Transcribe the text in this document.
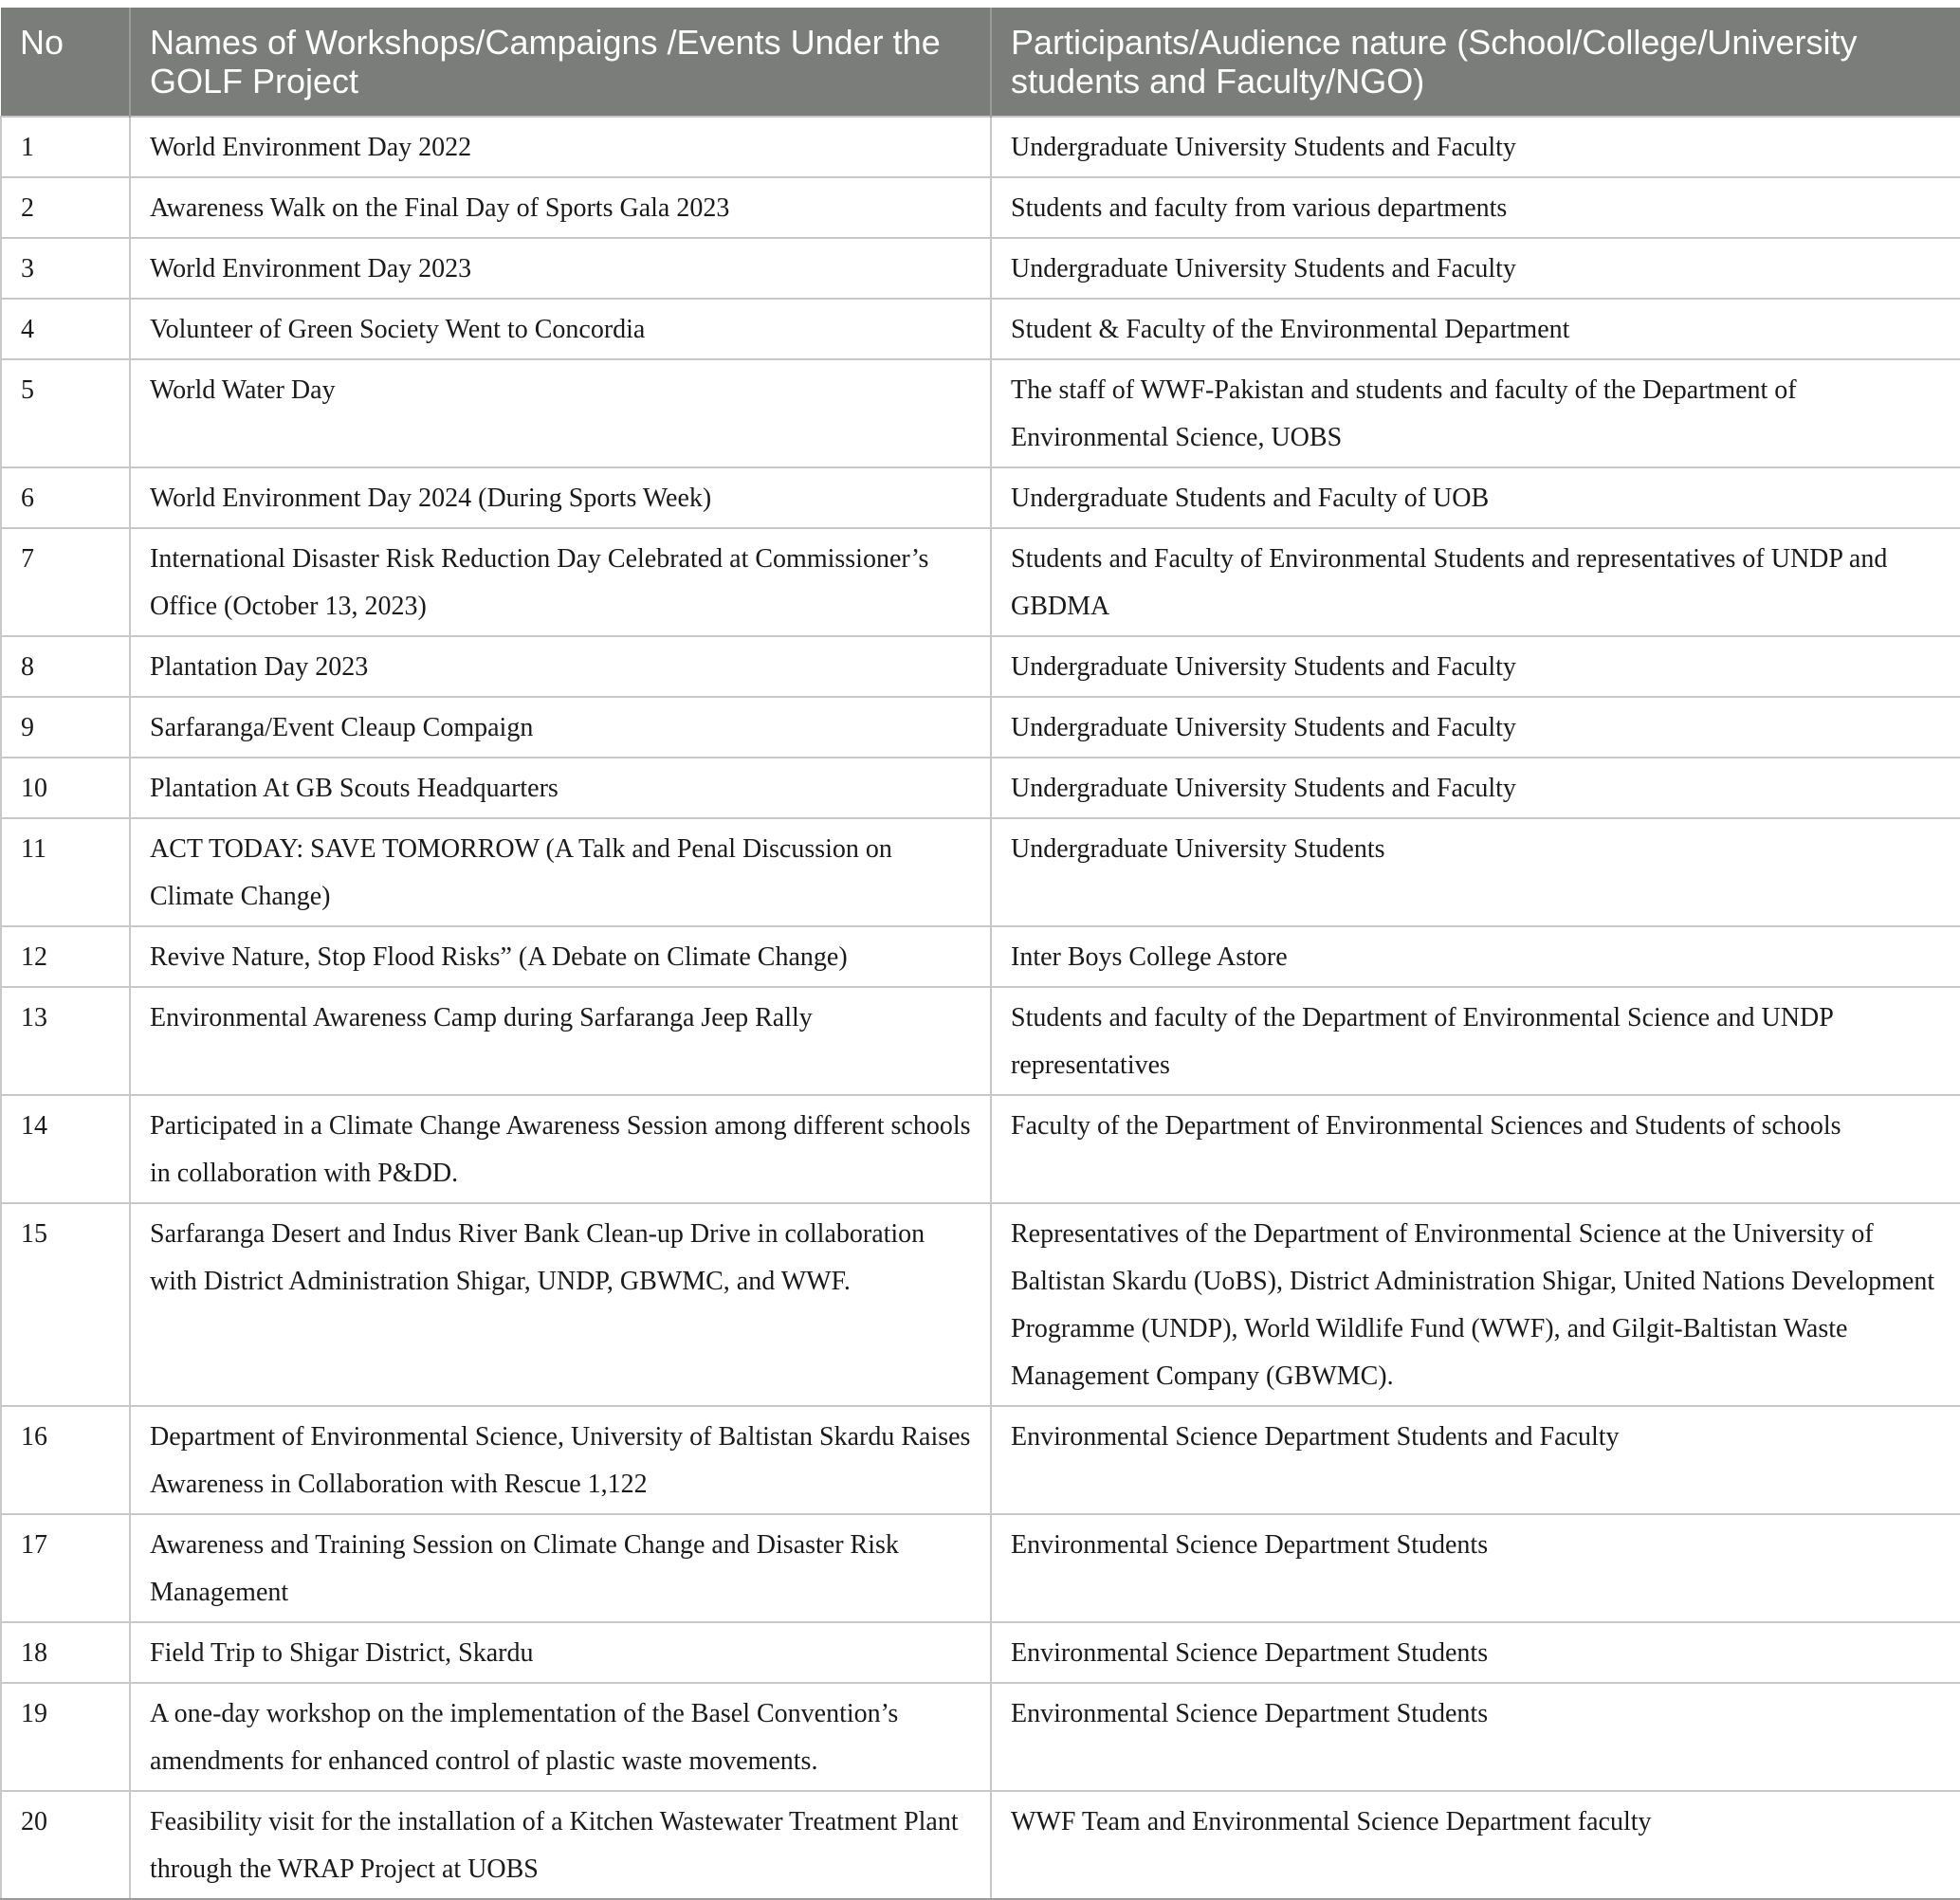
No	Names of Workshops/Campaigns /Events Under the GOLF Project	Participants/Audience nature (School/College/University students and Faculty/NGO)
1	World Environment Day 2022	Undergraduate University Students and Faculty
2	Awareness Walk on the Final Day of Sports Gala 2023	Students and faculty from various departments
3	World Environment Day 2023	Undergraduate University Students and Faculty
4	Volunteer of Green Society Went to Concordia	Student & Faculty of the Environmental Department
5	World Water Day	The staff of WWF-Pakistan and students and faculty of the Department of Environmental Science, UOBS
6	World Environment Day 2024 (During Sports Week)	Undergraduate Students and Faculty of UOB
7	International Disaster Risk Reduction Day Celebrated at Commissioner’s Office (October 13, 2023)	Students and Faculty of Environmental Students and representatives of UNDP and GBDMA
8	Plantation Day 2023	Undergraduate University Students and Faculty
9	Sarfaranga/Event Cleaup Compaign	Undergraduate University Students and Faculty
10	Plantation At GB Scouts Headquarters	Undergraduate University Students and Faculty
11	ACT TODAY: SAVE TOMORROW (A Talk and Penal Discussion on Climate Change)	Undergraduate University Students
12	Revive Nature, Stop Flood Risks” (A Debate on Climate Change)	Inter Boys College Astore
13	Environmental Awareness Camp during Sarfaranga Jeep Rally	Students and faculty of the Department of Environmental Science and UNDP representatives
14	Participated in a Climate Change Awareness Session among different schools in collaboration with P&DD.	Faculty of the Department of Environmental Sciences and Students of schools
15	Sarfaranga Desert and Indus River Bank Clean-up Drive in collaboration with District Administration Shigar, UNDP, GBWMC, and WWF.	Representatives of the Department of Environmental Science at the University of Baltistan Skardu (UoBS), District Administration Shigar, United Nations Development Programme (UNDP), World Wildlife Fund (WWF), and Gilgit-Baltistan Waste Management Company (GBWMC).
16	Department of Environmental Science, University of Baltistan Skardu Raises Awareness in Collaboration with Rescue 1,122	Environmental Science Department Students and Faculty
17	Awareness and Training Session on Climate Change and Disaster Risk Management	Environmental Science Department Students
18	Field Trip to Shigar District, Skardu	Environmental Science Department Students
19	A one-day workshop on the implementation of the Basel Convention’s amendments for enhanced control of plastic waste movements.	Environmental Science Department Students
20	Feasibility visit for the installation of a Kitchen Wastewater Treatment Plant through the WRAP Project at UOBS	WWF Team and Environmental Science Department faculty
